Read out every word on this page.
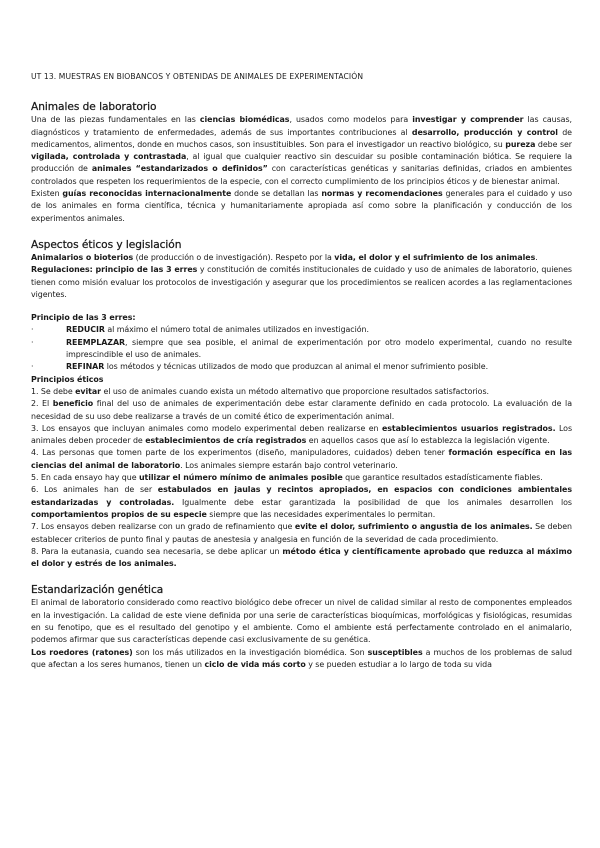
UT 13. MUESTRAS EN BIOBANCOS Y OBTENIDAS DE ANIMALES DE EXPERIMENTACIÓN
Animales de laboratorio

Una de las piezas fundamentales en las ciencias biomédicas, usados como modelos para investigar y comprender las causas, diagnósticos y tratamiento de enfermedades, además de sus importantes contribuciones al desarrollo, producción y control de medicamentos, alimentos, donde en muchos casos, son insustituibles. Son para el investigador un reactivo biológico, su pureza debe ser vigilada, controlada y contrastada, al igual que cualquier reactivo sin descuidar su posible contaminación biótica. Se requiere la producción de animales “estandarizados o definidos” con características genéticas y sanitarias definidas, criados en ambientes controlados que respeten los requerimientos de la especie, con el correcto cumplimiento de los principios éticos y de bienestar animal.

Existen guías reconocidas internacionalmente donde se detallan las normas y recomendaciones generales para el cuidado y uso de los animales en forma científica, técnica y humanitariamente apropiada así como sobre la planificación y conducción de los experimentos animales.

Aspectos éticos y legislación

Animalarios o bioterios (de producción o de investigación). Respeto por la vida, el dolor y el sufrimiento de los animales.

Regulaciones: principio de las 3 erres y constitución de comités institucionales de cuidado y uso de animales de laboratorio, quienes tienen como misión evaluar los protocolos de investigación y asegurar que los procedimientos se realicen acordes a las reglamentaciones vigentes.

Principio de las 3 erres:
·	REDUCIR al máximo el número total de animales utilizados en investigación.
·	REEMPLAZAR, siempre que sea posible, el animal de experimentación por otro modelo experimental, cuando no resulte imprescindible el uso de animales.
·	REFINAR los métodos y técnicas utilizados de modo que produzcan al animal el menor sufrimiento posible.
Principios éticos

1. Se debe evitar el uso de animales cuando exista un método alternativo que proporcione resultados satisfactorios.

2. El beneficio final del uso de animales de experimentación debe estar claramente definido en cada protocolo. La evaluación de la necesidad de su uso debe realizarse a través de un comité ético de experimentación animal.

3. Los ensayos que incluyan animales como modelo experimental deben realizarse en establecimientos usuarios registrados. Los animales deben proceder de establecimientos de cría registrados en aquellos casos que así lo establezca la legislación vigente.

4. Las personas que tomen parte de los experimentos (diseño, manipuladores, cuidados) deben tener formación específica en las ciencias del animal de laboratorio. Los animales siempre estarán bajo control veterinario.

5. En cada ensayo hay que utilizar el número mínimo de animales posible que garantice resultados estadísticamente fiables.

6. Los animales han de ser estabulados en jaulas y recintos apropiados, en espacios con condiciones ambientales estandarizadas y controladas. Igualmente debe estar garantizada la posibilidad de que los animales desarrollen los comportamientos propios de su especie siempre que las necesidades experimentales lo permitan.

7. Los ensayos deben realizarse con un grado de refinamiento que evite el dolor, sufrimiento o angustia de los animales. Se deben establecer criterios de punto final y pautas de anestesia y analgesia en función de la severidad de cada procedimiento.

8. Para la eutanasia, cuando sea necesaria, se debe aplicar un método ética y científicamente aprobado que reduzca al máximo el dolor y estrés de los animales.

Estandarización genética

El animal de laboratorio considerado como reactivo biológico debe ofrecer un nivel de calidad similar al resto de componentes empleados en la investigación. La calidad de este viene definida por una serie de características bioquímicas, morfológicas y fisiológicas, resumidas en su fenotipo, que es el resultado del genotipo y el ambiente. Como el ambiente está perfectamente controlado en el animalario, podemos afirmar que sus características depende casi exclusivamente de su genética.

Los roedores (ratones) son los más utilizados en la investigación biomédica. Son susceptibles a muchos de los problemas de salud que afectan a los seres humanos, tienen un ciclo de vida más corto y se pueden estudiar a lo largo de toda su vida
